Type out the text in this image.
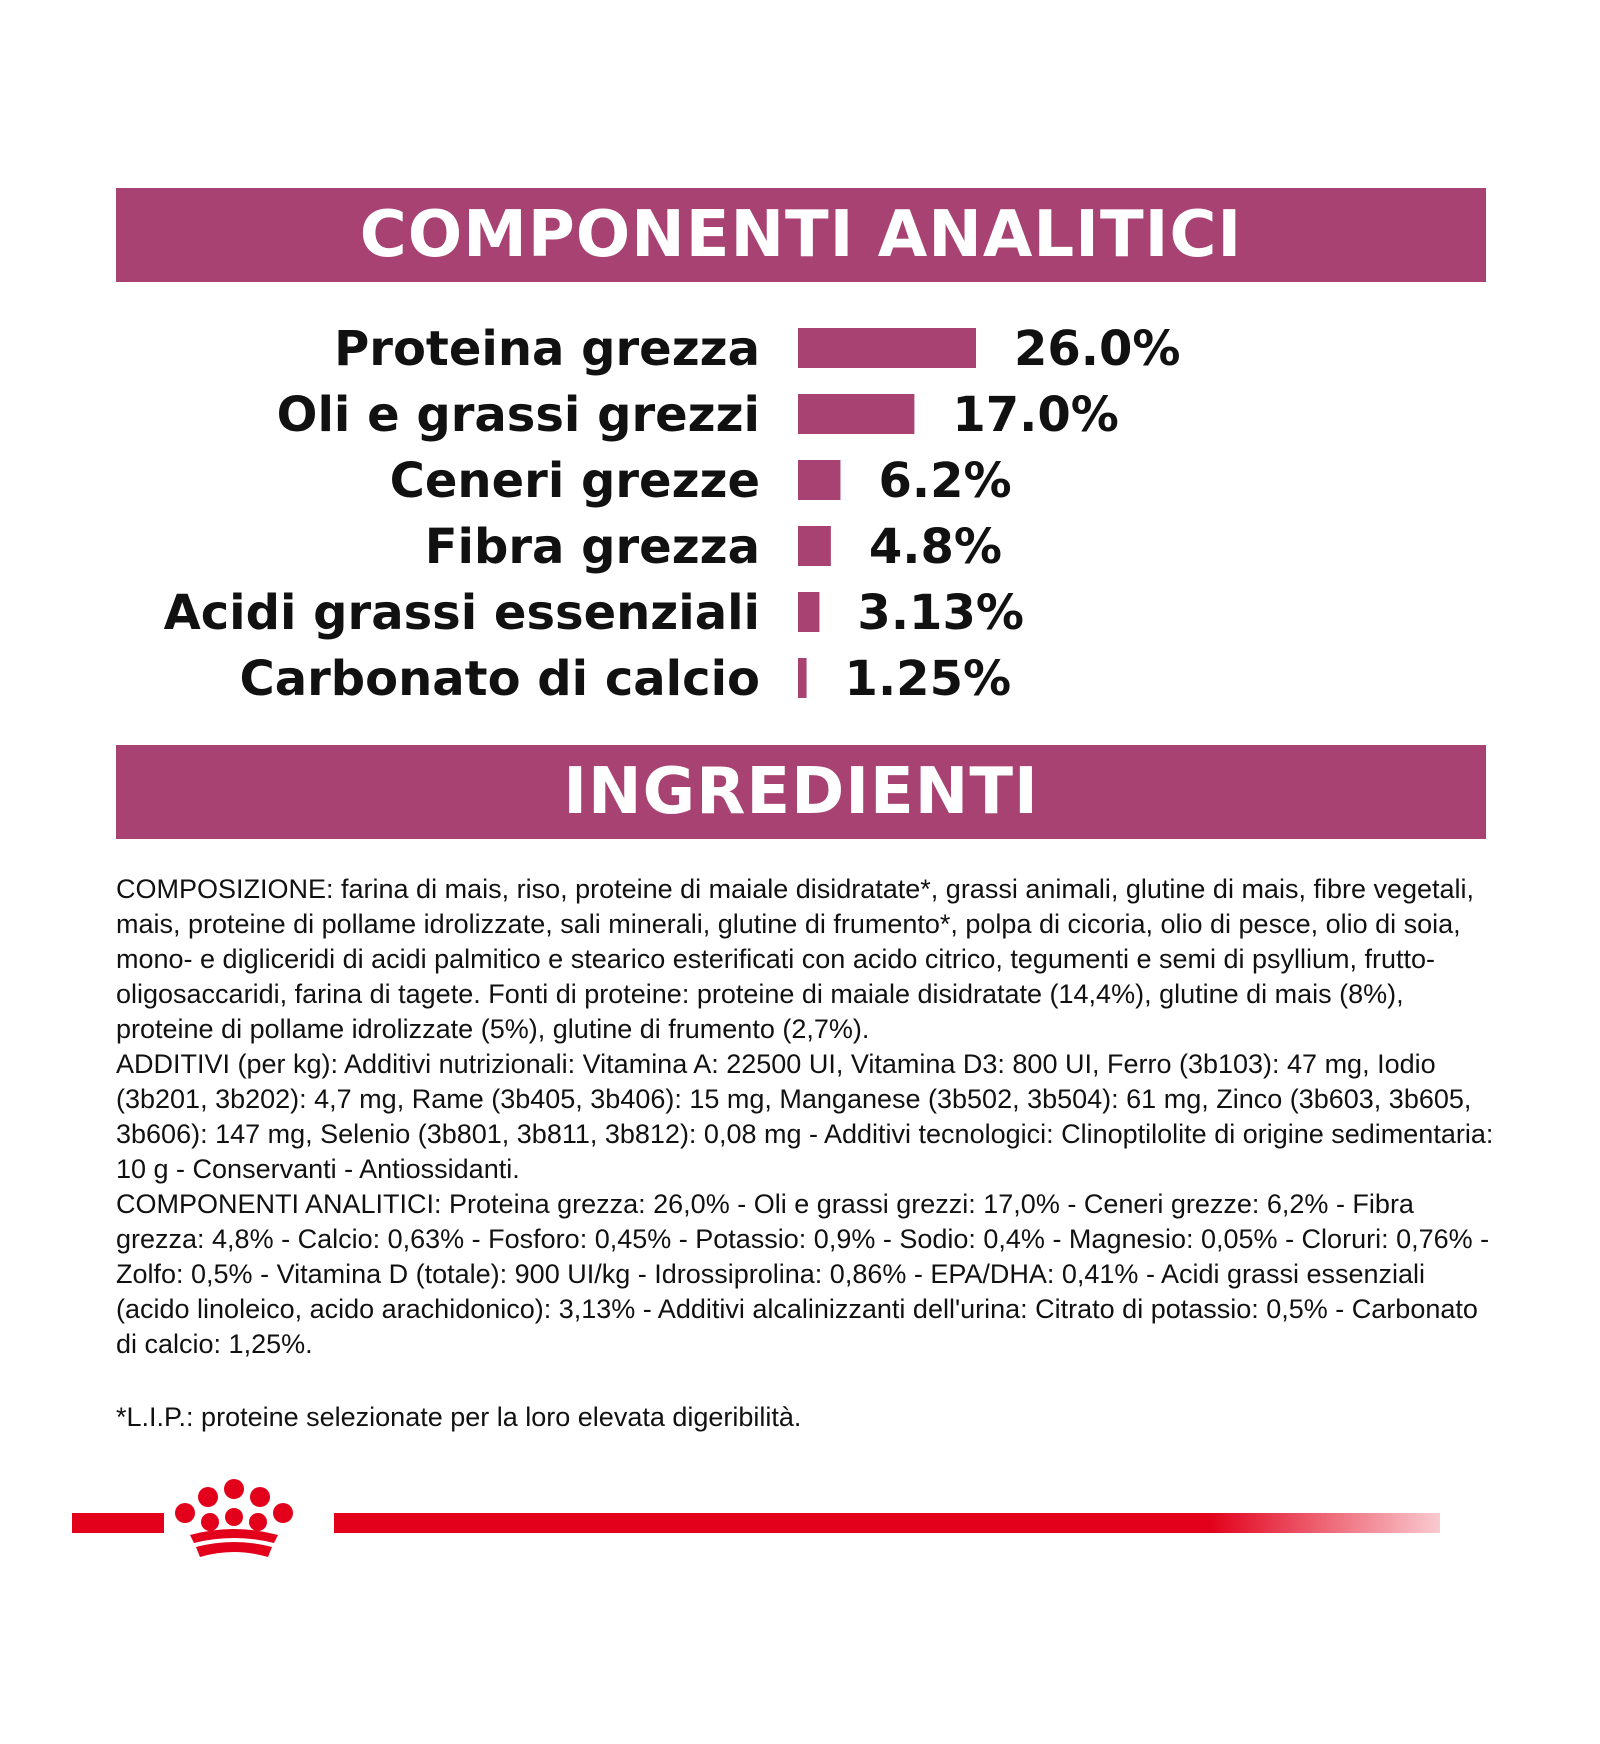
COMPONENTI ANALITICI
Proteina grezza	26.0%
Oli e grassi grezzi	17.0%
Ceneri grezze 6.2%
Fibra grezza 4.8%
Acidi grassi essenziali 3.13%
Carbonato di calcio 1.25%
INGREDIENTI

COMPOSIZIONE: farina di mais, riso, proteine di maiale disidratate*, grassi animali, glutine di mais, fibre vegetali, mais, proteine di pollame idrolizzate, sali minerali, glutine di frumento*, polpa di cicoria, olio di pesce, olio di soia, mono- e digliceridi di acidi palmitico e stearico esterificati con acido citrico, tegumenti e semi di psyllium, frutto-oligosaccaridi, farina di tagete. Fonti di proteine: proteine di maiale disidratate (14,4%), glutine di mais (8%), proteine di pollame idrolizzate (5%), glutine di frumento (2,7%).

ADDITIVI (per kg): Additivi nutrizionali: Vitamina A: 22500 UI, Vitamina D3: 800 UI, Ferro (3b103): 47 mg, Iodio (3b201, 3b202): 4,7 mg, Rame (3b405, 3b406): 15 mg, Manganese (3b502, 3b504): 61 mg, Zinco (3b603, 3b605, 3b606): 147 mg, Selenio (3b801, 3b811, 3b812): 0,08 mg - Additivi tecnologici: Clinoptilolite di origine sedimentaria: 10 g - Conservanti - Antiossidanti.

COMPONENTI ANALITICI: Proteina grezza: 26,0% - Oli e grassi grezzi: 17,0% - Ceneri grezze: 6,2% - Fibra grezza: 4,8% - Calcio: 0,63% - Fosforo: 0,45% - Potassio: 0,9% - Sodio: 0,4% - Magnesio: 0,05% - Cloruri: 0,76% - Zolfo: 0,5% - Vitamina D (totale): 900 UI/kg - Idrossiprolina: 0,86% - EPA/DHA: 0,41% - Acidi grassi essenziali (acido linoleico, acido arachidonico): 3,13% - Additivi alcalinizzanti dell'urina: Citrato di potassio: 0,5% - Carbonato di calcio: 1,25%.

*L.I.P.: proteine selezionate per la loro elevata digeribilità.
